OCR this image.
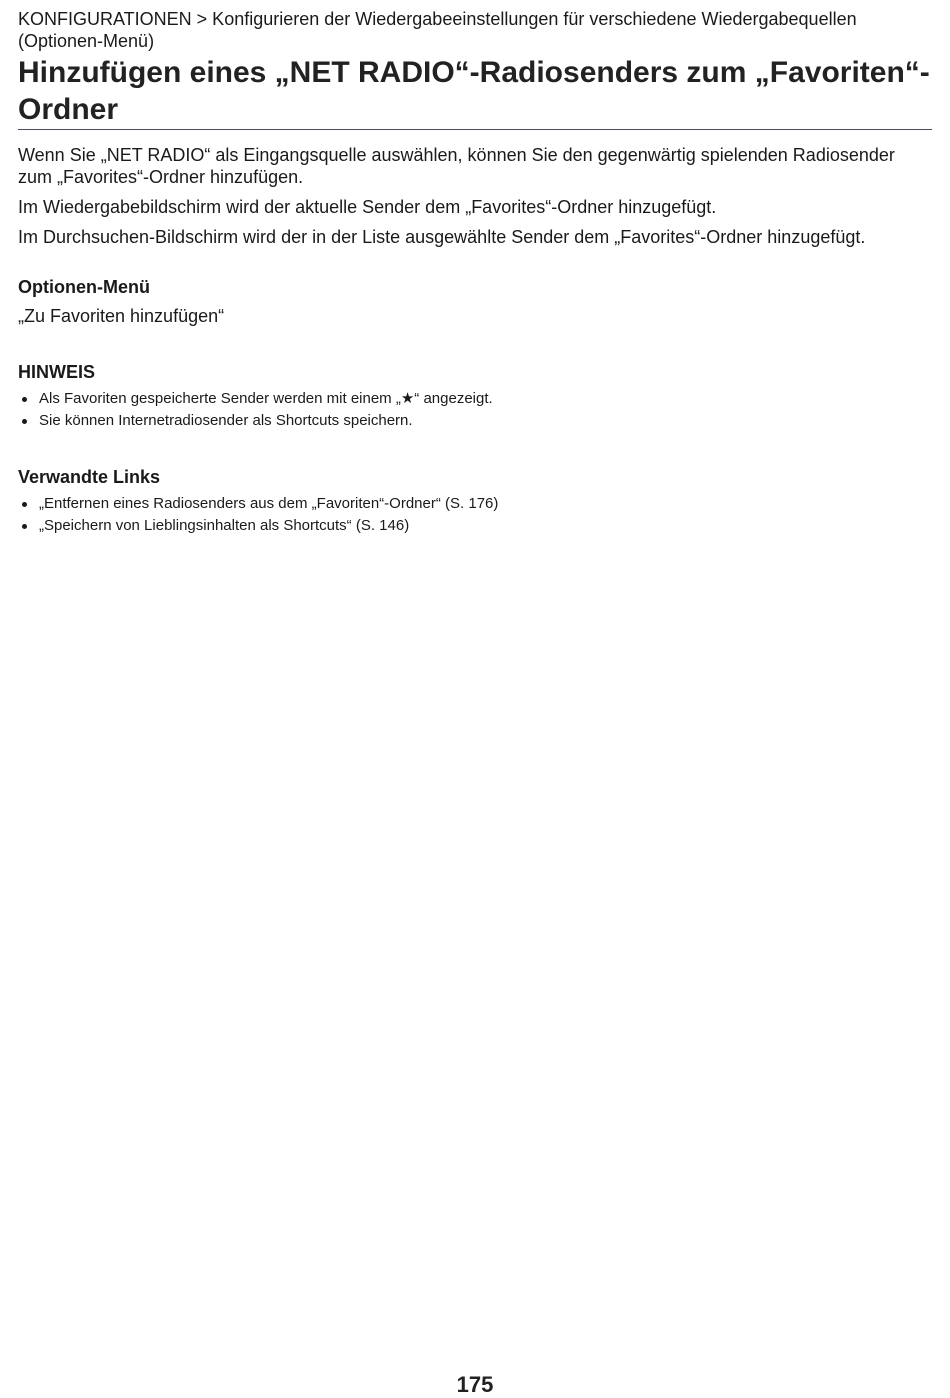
KONFIGURATIONEN > Konfigurieren der Wiedergabeeinstellungen für verschiedene Wiedergabequellen (Optionen-Menü)

Hinzufügen eines „NET RADIO“-Radiosenders zum „Favoriten“-Ordner

Wenn Sie „NET RADIO“ als Eingangsquelle auswählen, können Sie den gegenwärtig spielenden Radiosender zum „Favorites“-Ordner hinzufügen.

Im Wiedergabebildschirm wird der aktuelle Sender dem „Favorites“-Ordner hinzugefügt.

Im Durchsuchen-Bildschirm wird der in der Liste ausgewählte Sender dem „Favorites“-Ordner hinzugefügt.

Optionen-Menü

„Zu Favoriten hinzufügen“

HINWEIS
Als Favoriten gespeicherte Sender werden mit einem „★“ angezeigt.
Sie können Internetradiosender als Shortcuts speichern.
Verwandte Links
„Entfernen eines Radiosenders aus dem „Favoriten“-Ordner“ (S. 176)
„Speichern von Lieblingsinhalten als Shortcuts“ (S. 146)
175
